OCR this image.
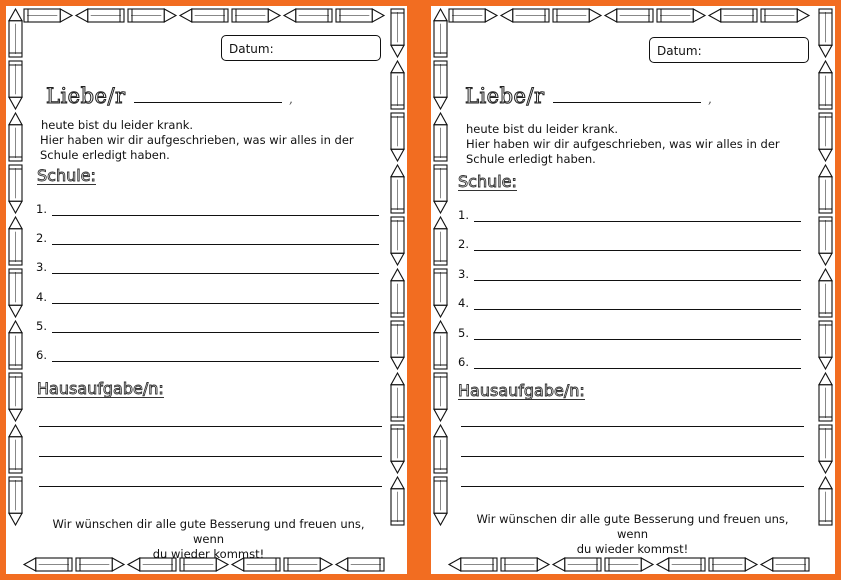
Datum:
Liebe/r	,
heute bist du leider krank.
Hier haben wir dir aufgeschrieben, was wir alles in der
Schule erledigt haben.
Schule:
1.
2.
3.
4.
5.
6.
Hausaufgabe/n:
Wir wünschen dir alle gute Besserung und freuen uns, wenn
du wieder kommst!
Datum:
Liebe/r	,
heute bist du leider krank.
Hier haben wir dir aufgeschrieben, was wir alles in der
Schule erledigt haben.
Schule:
1.
2.
3.
4.
5.
6.
Hausaufgabe/n:
Wir wünschen dir alle gute Besserung und freuen uns, wenn
du wieder kommst!
